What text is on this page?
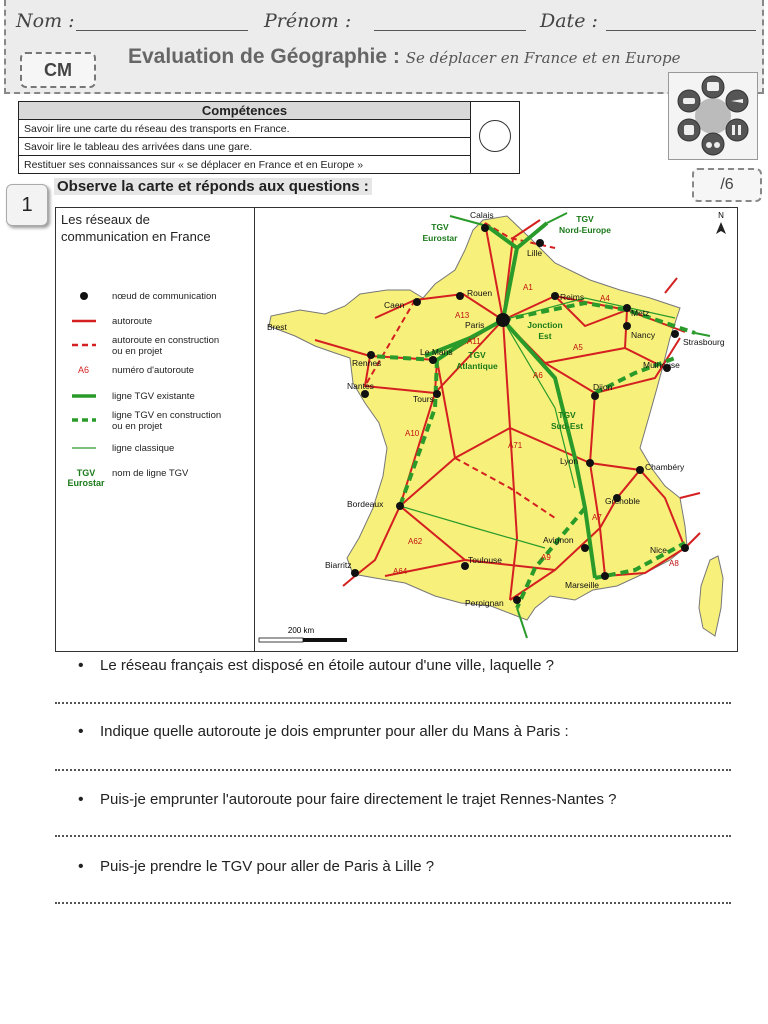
Nom :	Prénom :	Date :
CM
Evaluation de Géographie : Se déplacer en France et en Europe
Compétences	
Savoir lire une carte du réseau des transports en France.
Savoir lire le tableau des arrivées dans une gare.
Restituer ses connaissances sur « se déplacer en France et en Europe »
1
Observe la carte et réponds aux questions :	/6
Les réseaux de
communication en France
nœud de communication
autoroute
autoroute en construction
ou en projet
A6	numéro d'autoroute
ligne TGV existante
ligne TGV en construction
ou en projet
ligne classique
TGV
Eurostar
nom de ligne TGV
Calais
Lille
Rouen
Caen
Reims
Metz
Nancy
Strasbourg
Brest
Rennes
Le Mans
Paris
Nantes
Tours
Mulhouse
Dijon
Lyon
Chambéry
Grenoble
Bordeaux
Avignon
Nice
Toulouse
Marseille
Biarritz
Perpignan
A1
A4
A13
A11
A5
A6
A10
A71
A7
A62
A9
A8
A64
TGV
Eurostar
TGV
Nord-Europe
Jonction
Est
TGV
Atlantique
TGV
Sud-Est
N
200 km
• Le réseau français est disposé en étoile autour d'une ville, laquelle ?
• Indique quelle autoroute je dois emprunter pour aller du Mans à Paris :
• Puis-je emprunter l'autoroute pour faire directement le trajet Rennes-Nantes ?
• Puis-je prendre le TGV pour aller de Paris à Lille ?
